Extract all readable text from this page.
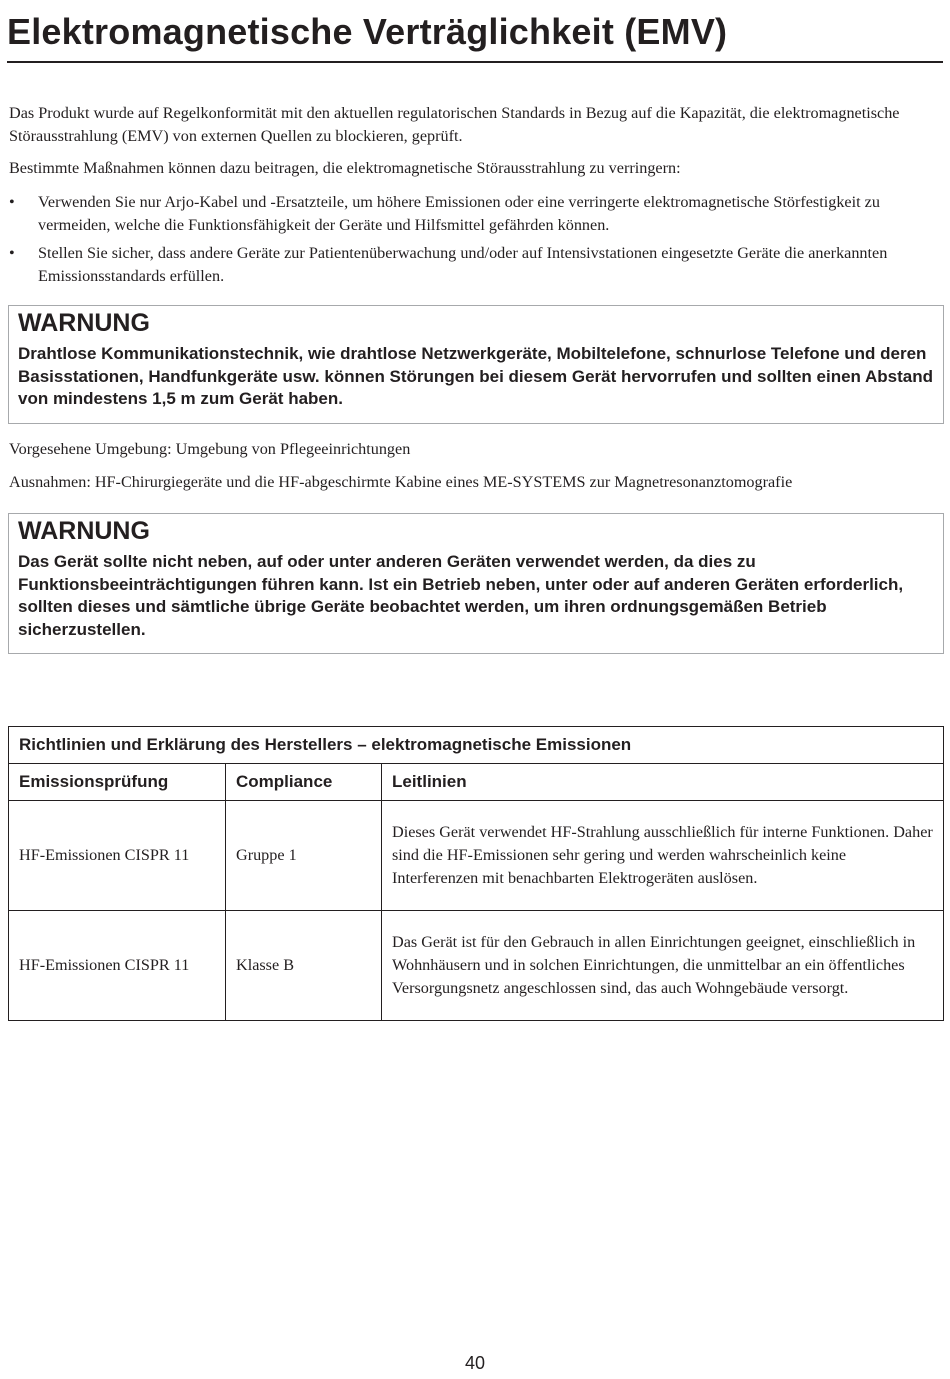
Elektromagnetische Verträglichkeit (EMV)

Das Produkt wurde auf Regelkonformität mit den aktuellen regulatorischen Standards in Bezug auf die Kapazität, die elektromagnetische Störausstrahlung (EMV) von externen Quellen zu blockieren, geprüft.

Bestimmte Maßnahmen können dazu beitragen, die elektromagnetische Störausstrahlung zu verringern:

• Verwenden Sie nur Arjo-Kabel und -Ersatzteile, um höhere Emissionen oder eine verringerte elektromagnetische Störfestigkeit zu vermeiden, welche die Funktionsfähigkeit der Geräte und Hilfsmittel gefährden können.
• Stellen Sie sicher, dass andere Geräte zur Patientenüberwachung und/oder auf Intensivstationen eingesetzte Geräte die anerkannten Emissionsstandards erfüllen.
WARNUNG
Drahtlose Kommunikationstechnik, wie drahtlose Netzwerkgeräte, Mobiltelefone, schnurlose Telefone und deren Basisstationen, Handfunkgeräte usw. können Störungen bei diesem Gerät hervorrufen und sollten einen Abstand von mindestens 1,5 m zum Gerät haben.

Vorgesehene Umgebung: Umgebung von Pflegeeinrichtungen

Ausnahmen: HF-Chirurgiegeräte und die HF-abgeschirmte Kabine eines ME-SYSTEMS zur Magnetresonanztomografie

WARNUNG
Das Gerät sollte nicht neben, auf oder unter anderen Geräten verwendet werden, da dies zu Funktionsbeeinträchtigungen führen kann. Ist ein Betrieb neben, unter oder auf anderen Geräten erforderlich, sollten dieses und sämtliche übrige Geräte beobachtet werden, um ihren ordnungsgemäßen Betrieb sicherzustellen.
Richtlinien und Erklärung des Herstellers – elektromagnetische Emissionen		
Emissionsprüfung	Compliance	Leitlinien
HF-Emissionen CISPR 11	Gruppe 1	Dieses Gerät verwendet HF-Strahlung ausschließlich für interne Funktionen. Daher sind die HF-Emissionen sehr gering und werden wahrscheinlich keine Interferenzen mit benachbarten Elektrogeräten auslösen.
HF-Emissionen CISPR 11	Klasse B	Das Gerät ist für den Gebrauch in allen Einrichtungen geeignet, einschließlich in Wohnhäusern und in solchen Einrichtungen, die unmittelbar an ein öffentliches Versorgungsnetz angeschlossen sind, das auch Wohngebäude versorgt.
40
